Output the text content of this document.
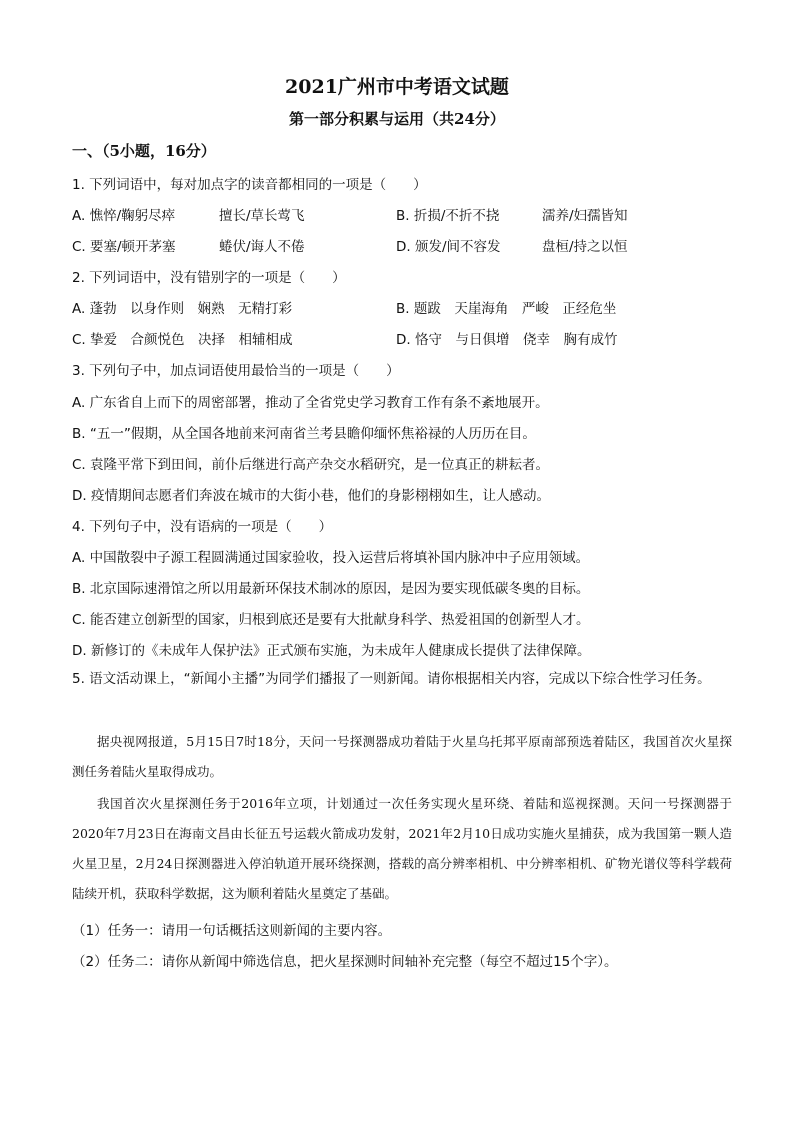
2021广州市中考语文试题
第一部分积累与运用（共24分）
一、（5小题，16分）
1. 下列词语中，每对加点字的读音都相同的一项是（　　）
A. 憔悴/鞠躬尽瘁	擅长/草长莺飞	B. 折损/不折不挠	濡养/妇孺皆知
C. 要塞/顿开茅塞	蜷伏/诲人不倦	D. 颁发/间不容发	盘桓/持之以恒
2. 下列词语中，没有错别字的一项是（　　）
A. 蓬勃　以身作则　娴熟　无精打彩	B. 题跋　天崖海角　严峻　正经危坐
C. 挚爱　合颜悦色　决择　相辅相成	D. 恪守　与日俱增　侥幸　胸有成竹
3. 下列句子中，加点词语使用最恰当的一项是（　　）
A. 广东省自上而下的周密部署，推动了全省党史学习教育工作有条不紊地展开。
B. “五一”假期，从全国各地前来河南省兰考县瞻仰缅怀焦裕禄的人历历在目。
C. 袁隆平常下到田间，前仆后继进行高产杂交水稻研究，是一位真正的耕耘者。
D. 疫情期间志愿者们奔波在城市的大街小巷，他们的身影栩栩如生，让人感动。
4. 下列句子中，没有语病的一项是（　　）
A. 中国散裂中子源工程圆满通过国家验收，投入运营后将填补国内脉冲中子应用领域。
B. 北京国际速滑馆之所以用最新环保技术制冰的原因，是因为要实现低碳冬奥的目标。
C. 能否建立创新型的国家，归根到底还是要有大批献身科学、热爱祖国的创新型人才。
D. 新修订的《未成年人保护法》正式颁布实施，为未成年人健康成长提供了法律保障。
5. 语文活动课上，“新闻小主播”为同学们播报了一则新闻。请你根据相关内容，完成以下综合性学习任务。
据央视网报道，5月15日7时18分，天问一号探测器成功着陆于火星乌托邦平原南部预选着陆区，我国首次火星探测任务着陆火星取得成功。
我国首次火星探测任务于2016年立项，计划通过一次任务实现火星环绕、着陆和巡视探测。天问一号探测器于2020年7月23日在海南文昌由长征五号运载火箭成功发射，2021年2月10日成功实施火星捕获，成为我国第一颗人造火星卫星，2月24日探测器进入停泊轨道开展环绕探测，搭载的高分辨率相机、中分辨率相机、矿物光谱仪等科学载荷陆续开机，获取科学数据，这为顺利着陆火星奠定了基础。
（1）任务一：请用一句话概括这则新闻的主要内容。
（2）任务二：请你从新闻中筛选信息，把火星探测时间轴补充完整（每空不超过15个字）。
